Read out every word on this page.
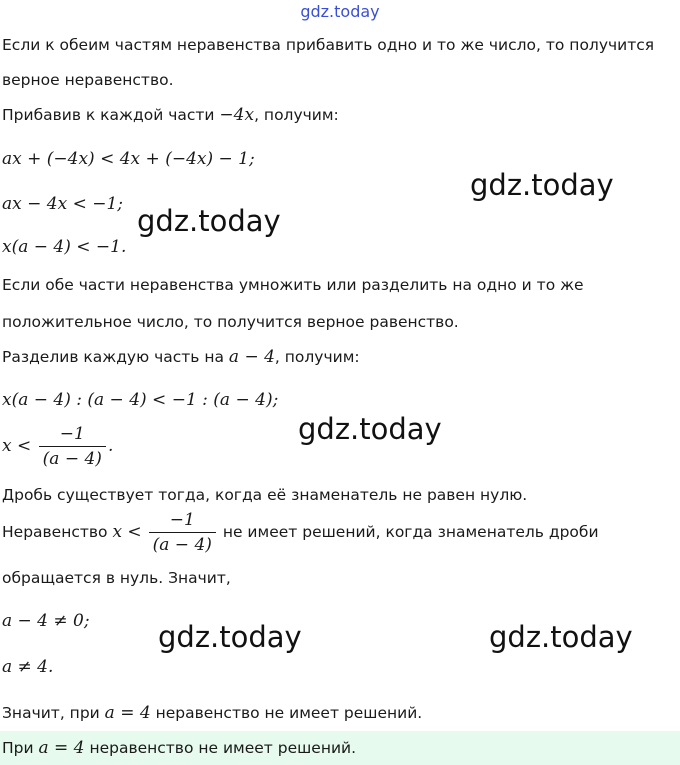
gdz.today
Если к обеим частям неравенства прибавить одно и то же число, то получится
верное неравенство.
Прибавив к каждой части −4x, получим:
ax + (−4x) < 4x + (−4x) − 1;
ax − 4x < −1;
x(a − 4) < −1.
Если обе части неравенства умножить или разделить на одно и то же
положительное число, то получится верное равенство.
Разделив каждую часть на a − 4, получим:
x(a − 4) : (a − 4) < −1 : (a − 4);
$x < \frac{-1}{(a - 4)}$ .
Дробь существует тогда, когда её знаменатель не равен нулю.
Неравенство $x < \frac{-1}{(a - 4)}$ не имеет решений, когда знаменатель дроби
обращается в нуль. Значит,
a − 4 ≠ 0;
a ≠ 4.
Значит, при a = 4 неравенство не имеет решений.
При a = 4 неравенство не имеет решений.
gdz.today
gdz.today
gdz.today
gdz.today	gdz.today
